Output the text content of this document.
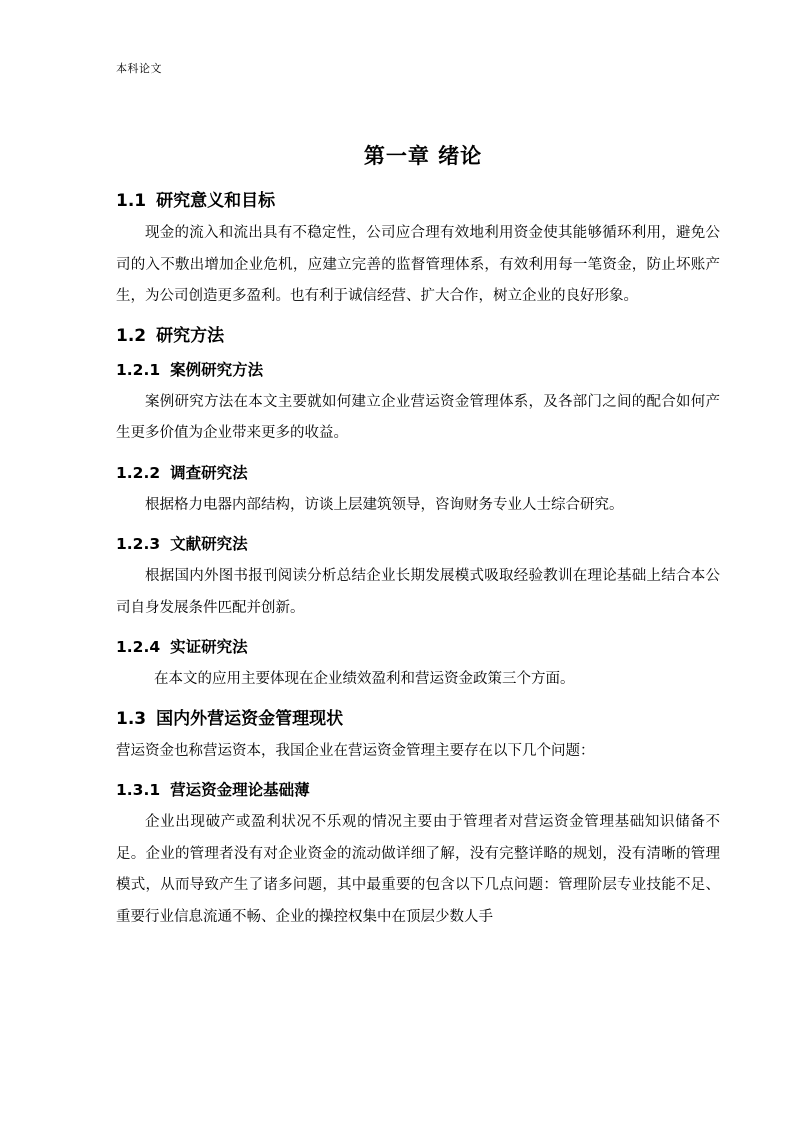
本科论文
第一章 绪论
1.1 研究意义和目标

现金的流入和流出具有不稳定性，公司应合理有效地利用资金使其能够循环利用，避免公司的入不敷出增加企业危机，应建立完善的监督管理体系，有效利用每一笔资金，防止坏账产生，为公司创造更多盈利。也有利于诚信经营、扩大合作，树立企业的良好形象。

1.2 研究方法
1.2.1 案例研究方法

案例研究方法在本文主要就如何建立企业营运资金管理体系，及各部门之间的配合如何产生更多价值为企业带来更多的收益。

1.2.2 调查研究法

根据格力电器内部结构，访谈上层建筑领导，咨询财务专业人士综合研究。

1.2.3 文献研究法

根据国内外图书报刊阅读分析总结企业长期发展模式吸取经验教训在理论基础上结合本公司自身发展条件匹配并创新。

1.2.4 实证研究法

在本文的应用主要体现在企业绩效盈利和营运资金政策三个方面。

1.3 国内外营运资金管理现状

营运资金也称营运资本，我国企业在营运资金管理主要存在以下几个问题：

1.3.1 营运资金理论基础薄

企业出现破产或盈利状况不乐观的情况主要由于管理者对营运资金管理基础知识储备不足。企业的管理者没有对企业资金的流动做详细了解，没有完整详略的规划，没有清晰的管理模式，从而导致产生了诸多问题，其中最重要的包含以下几点问题：管理阶层专业技能不足、重要行业信息流通不畅、企业的操控权集中在顶层少数人手
